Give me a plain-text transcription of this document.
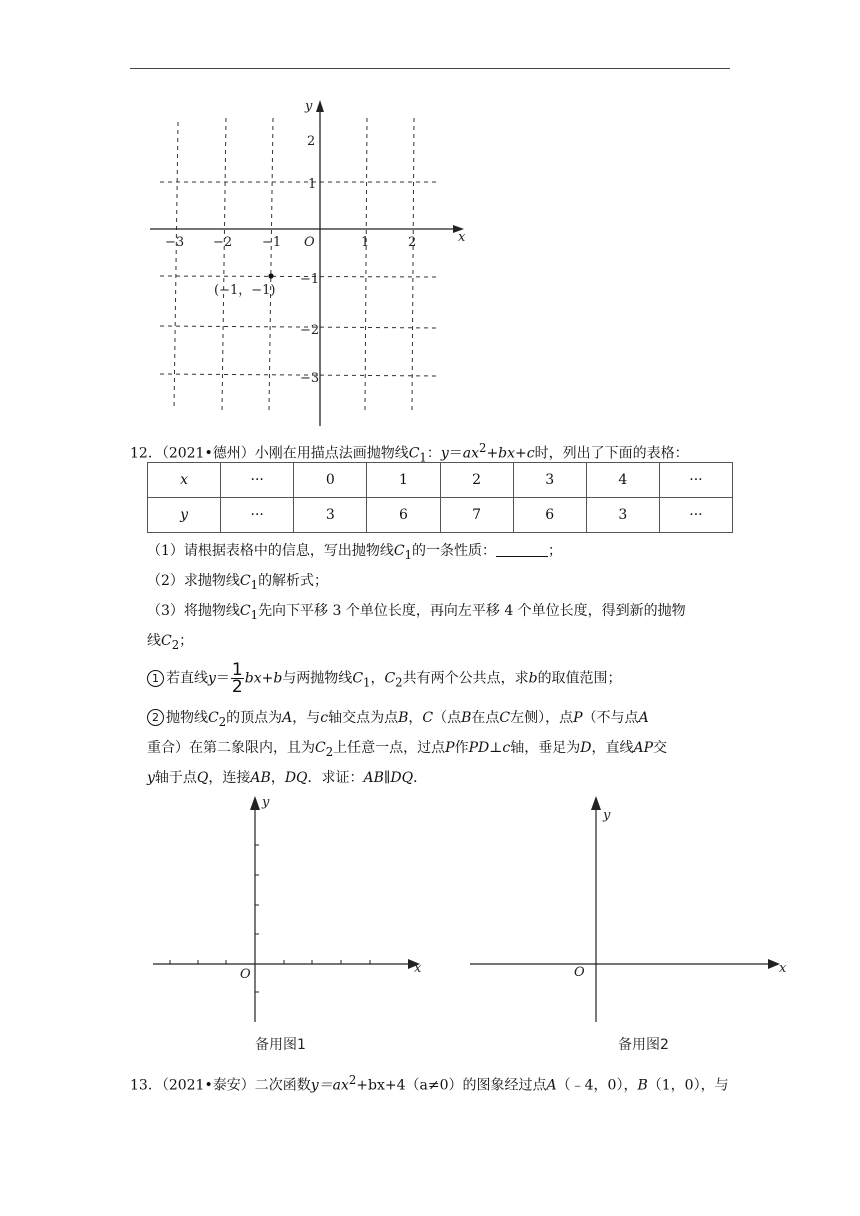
y
x
O
−3 −2 −1	1	2
2
1
−1
−2
−3
(−1，−1)
12．（2021•德州）小刚在用描点法画抛物线$C_1$：$y=ax^2+bx+c$时，列出了下面的表格：
x	···	0	1	2	3	4	···
y	···	3	6	7	6	3	···
（1）请根据表格中的信息，写出抛物线$C_1$的一条性质：	；
（2）求抛物线$C_1$的解析式；
（3）将抛物线$C_1$先向下平移 3 个单位长度，再向左平移 4 个单位长度，得到新的抛物
线$C_2$；
1 若直线$y= \frac{1}{2} bx+b$与两抛物线$C_1$，$C_2$共有两个公共点，求b的取值范围；
2 抛物线$C_2$的顶点为A，与c轴交点为点B，C（点B在点C左侧），点P（不与点A
重合）在第二象限内，且为$C_2$上任意一点，过点P作PD⊥c轴，垂足为D，直线AP交
y轴于点Q，连接AB，DQ．求证：AB∥DQ．
y
x
O
备用图1
y
x
O
备用图2
13．（2021•泰安）二次函数$y=ax^2+bx+4(a\ne 0)$的图象经过点A（﹣4，0），B（1，0），与
